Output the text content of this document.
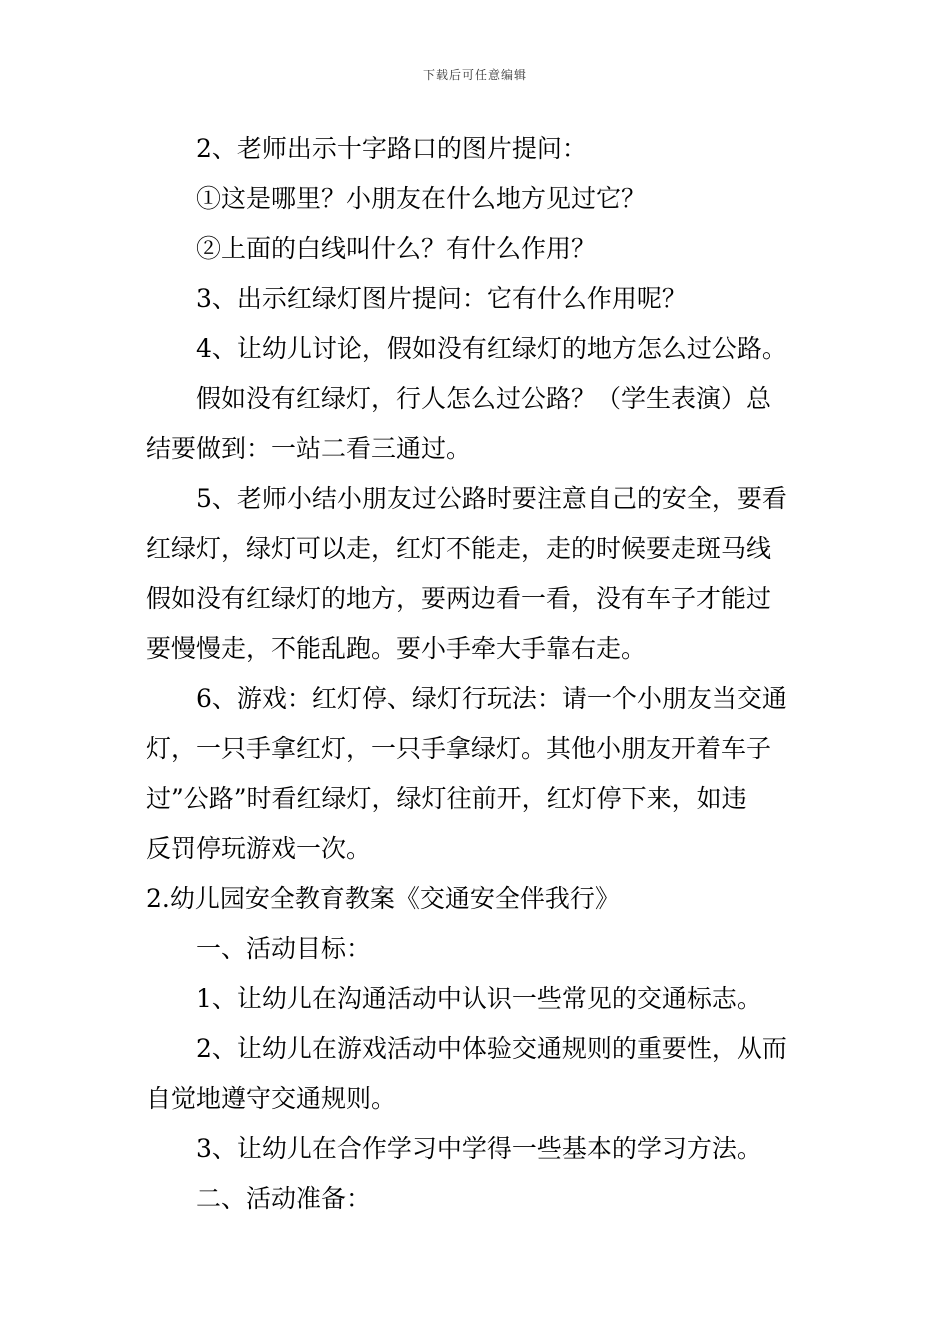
下载后可任意编辑
2、老师出示十字路口的图片提问：
①这是哪里？小朋友在什么地方见过它？
②上面的白线叫什么？有什么作用？
3、出示红绿灯图片提问：它有什么作用呢？
4、让幼儿讨论，假如没有红绿灯的地方怎么过公路。
假如没有红绿灯，行人怎么过公路？（学生表演）总
结要做到：一站二看三通过。
5、老师小结小朋友过公路时要注意自己的安全，要看
红绿灯，绿灯可以走，红灯不能走，走的时候要走斑马线
假如没有红绿灯的地方，要两边看一看，没有车子才能过
要慢慢走，不能乱跑。要小手牵大手靠右走。
6、游戏：红灯停、绿灯行玩法：请一个小朋友当交通
灯，一只手拿红灯，一只手拿绿灯。其他小朋友开着车子
过”公路”时看红绿灯，绿灯往前开，红灯停下来，如违
反罚停玩游戏一次。
2.幼儿园安全教育教案《交通安全伴我行》
一、活动目标：
1、让幼儿在沟通活动中认识一些常见的交通标志。
2、让幼儿在游戏活动中体验交通规则的重要性，从而
自觉地遵守交通规则。
3、让幼儿在合作学习中学得一些基本的学习方法。
二、活动准备：
